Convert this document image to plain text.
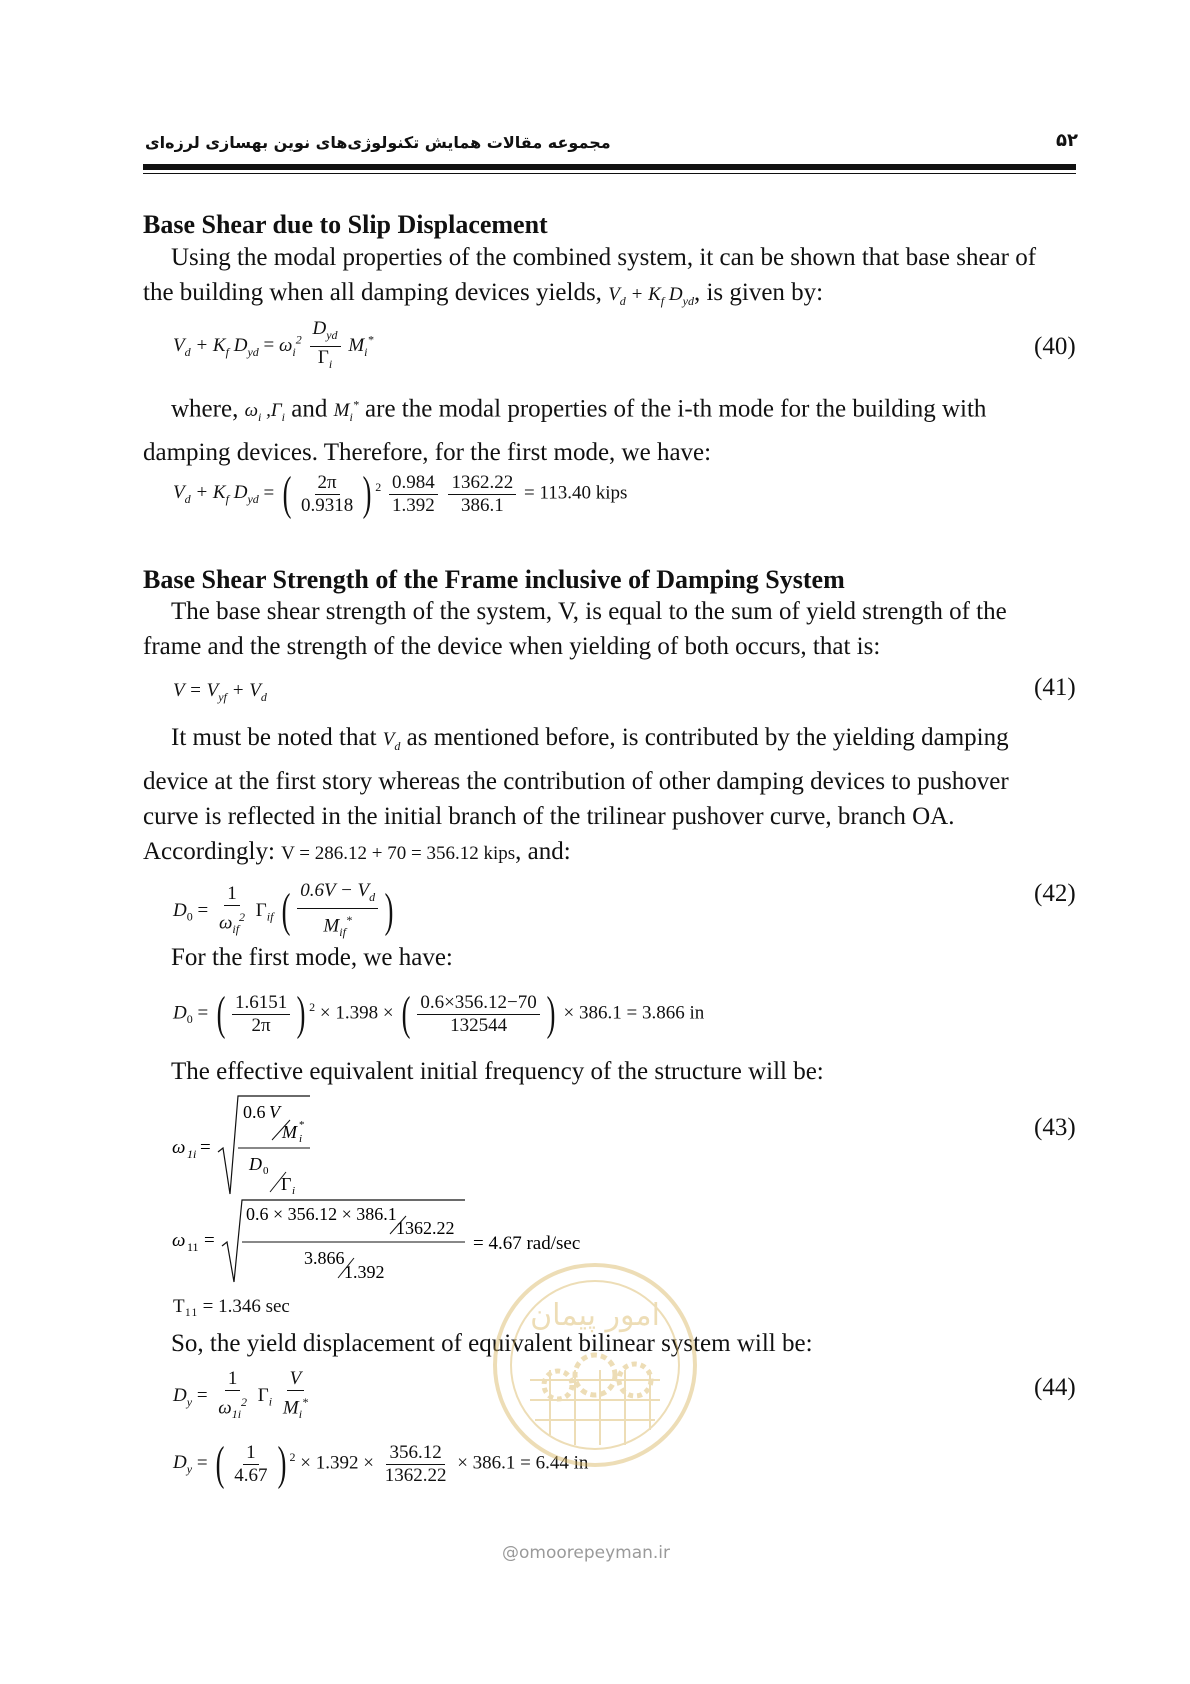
مجموعه مقالات همایش تکنولوژی‌های نوین بهسازی لرزه‌ای	۵۲
Base Shear due to Slip Displacement
Using the modal properties of the combined system, it can be shown that base shear of
the building when all damping devices yields, $V_d + K_f$ $D_{yd}$, is given by:
$V_d + K_f$ $D_{yd} = \omega_i^2 \frac{D_{yd}}{\Gamma_i} M_i^*$	(40)
where, $\omega_i$ $,\Gamma_i$ and $M_i^*$ are the modal properties of the i-th mode for the building with
damping devices. Therefore, for the first mode, we have:
$V_d + K_f$ $D_{yd}$ = ( $\frac{2\pi}{0.9318}$ ) $^2 \frac{0.984}{1.392}$
$\frac{1362.22}{386.1} = 113.40$ kips
Base Shear Strength of the Frame inclusive of Damping System
The base shear strength of the system, V, is equal to the sum of yield strength of the
frame and the strength of the device when yielding of both occurs, that is:
$V = V_{yf} + V_d$	(41)
It must be noted that $V_d$ as mentioned before, is contributed by the yielding damping
device at the first story whereas the contribution of other damping devices to pushover
curve is reflected in the initial branch of the trilinear pushover curve, branch OA.
Accordingly: V = 286.12 + 70 = 356.12 kips, and:
$D_0 = \frac{1}{\omega_{if}^2} \Gamma_{if}$ ( $\frac{0.6V - V_d}{M_{if}^*}$ )	(42)
For the first mode, we have:
$D_0$ = ( $\frac{1.6151}{2\pi}$ ) $^2$ × 1.398 × ( $\frac{0.6\times 356.12-70}{132544}$ ) × 386.1 = 3.866 in
The effective equivalent initial frequency of the structure will be:
ω 1i =
0.6 V
M i
*
D 0
Γ i
(43)
ω 11 =
0.6 × 356.12 × 386.1
1362.22
3.866
1.392
= 4.67 rad/sec
T₁₁ = 1.346 sec
So, the yield displacement of equivalent bilinear system will be:
$D_y = \frac{1}{\omega_{1i}^2} \Gamma_i \frac{V}{M_i^*}$	(44)
$D_y$ = ( $\frac{1}{4.67}$ ) $^2 \times 1.392 \times \frac{356.12}{1362.22} \times 386.1 = 6.44$ in
امور پیمان
@omoorepeyman.ir
